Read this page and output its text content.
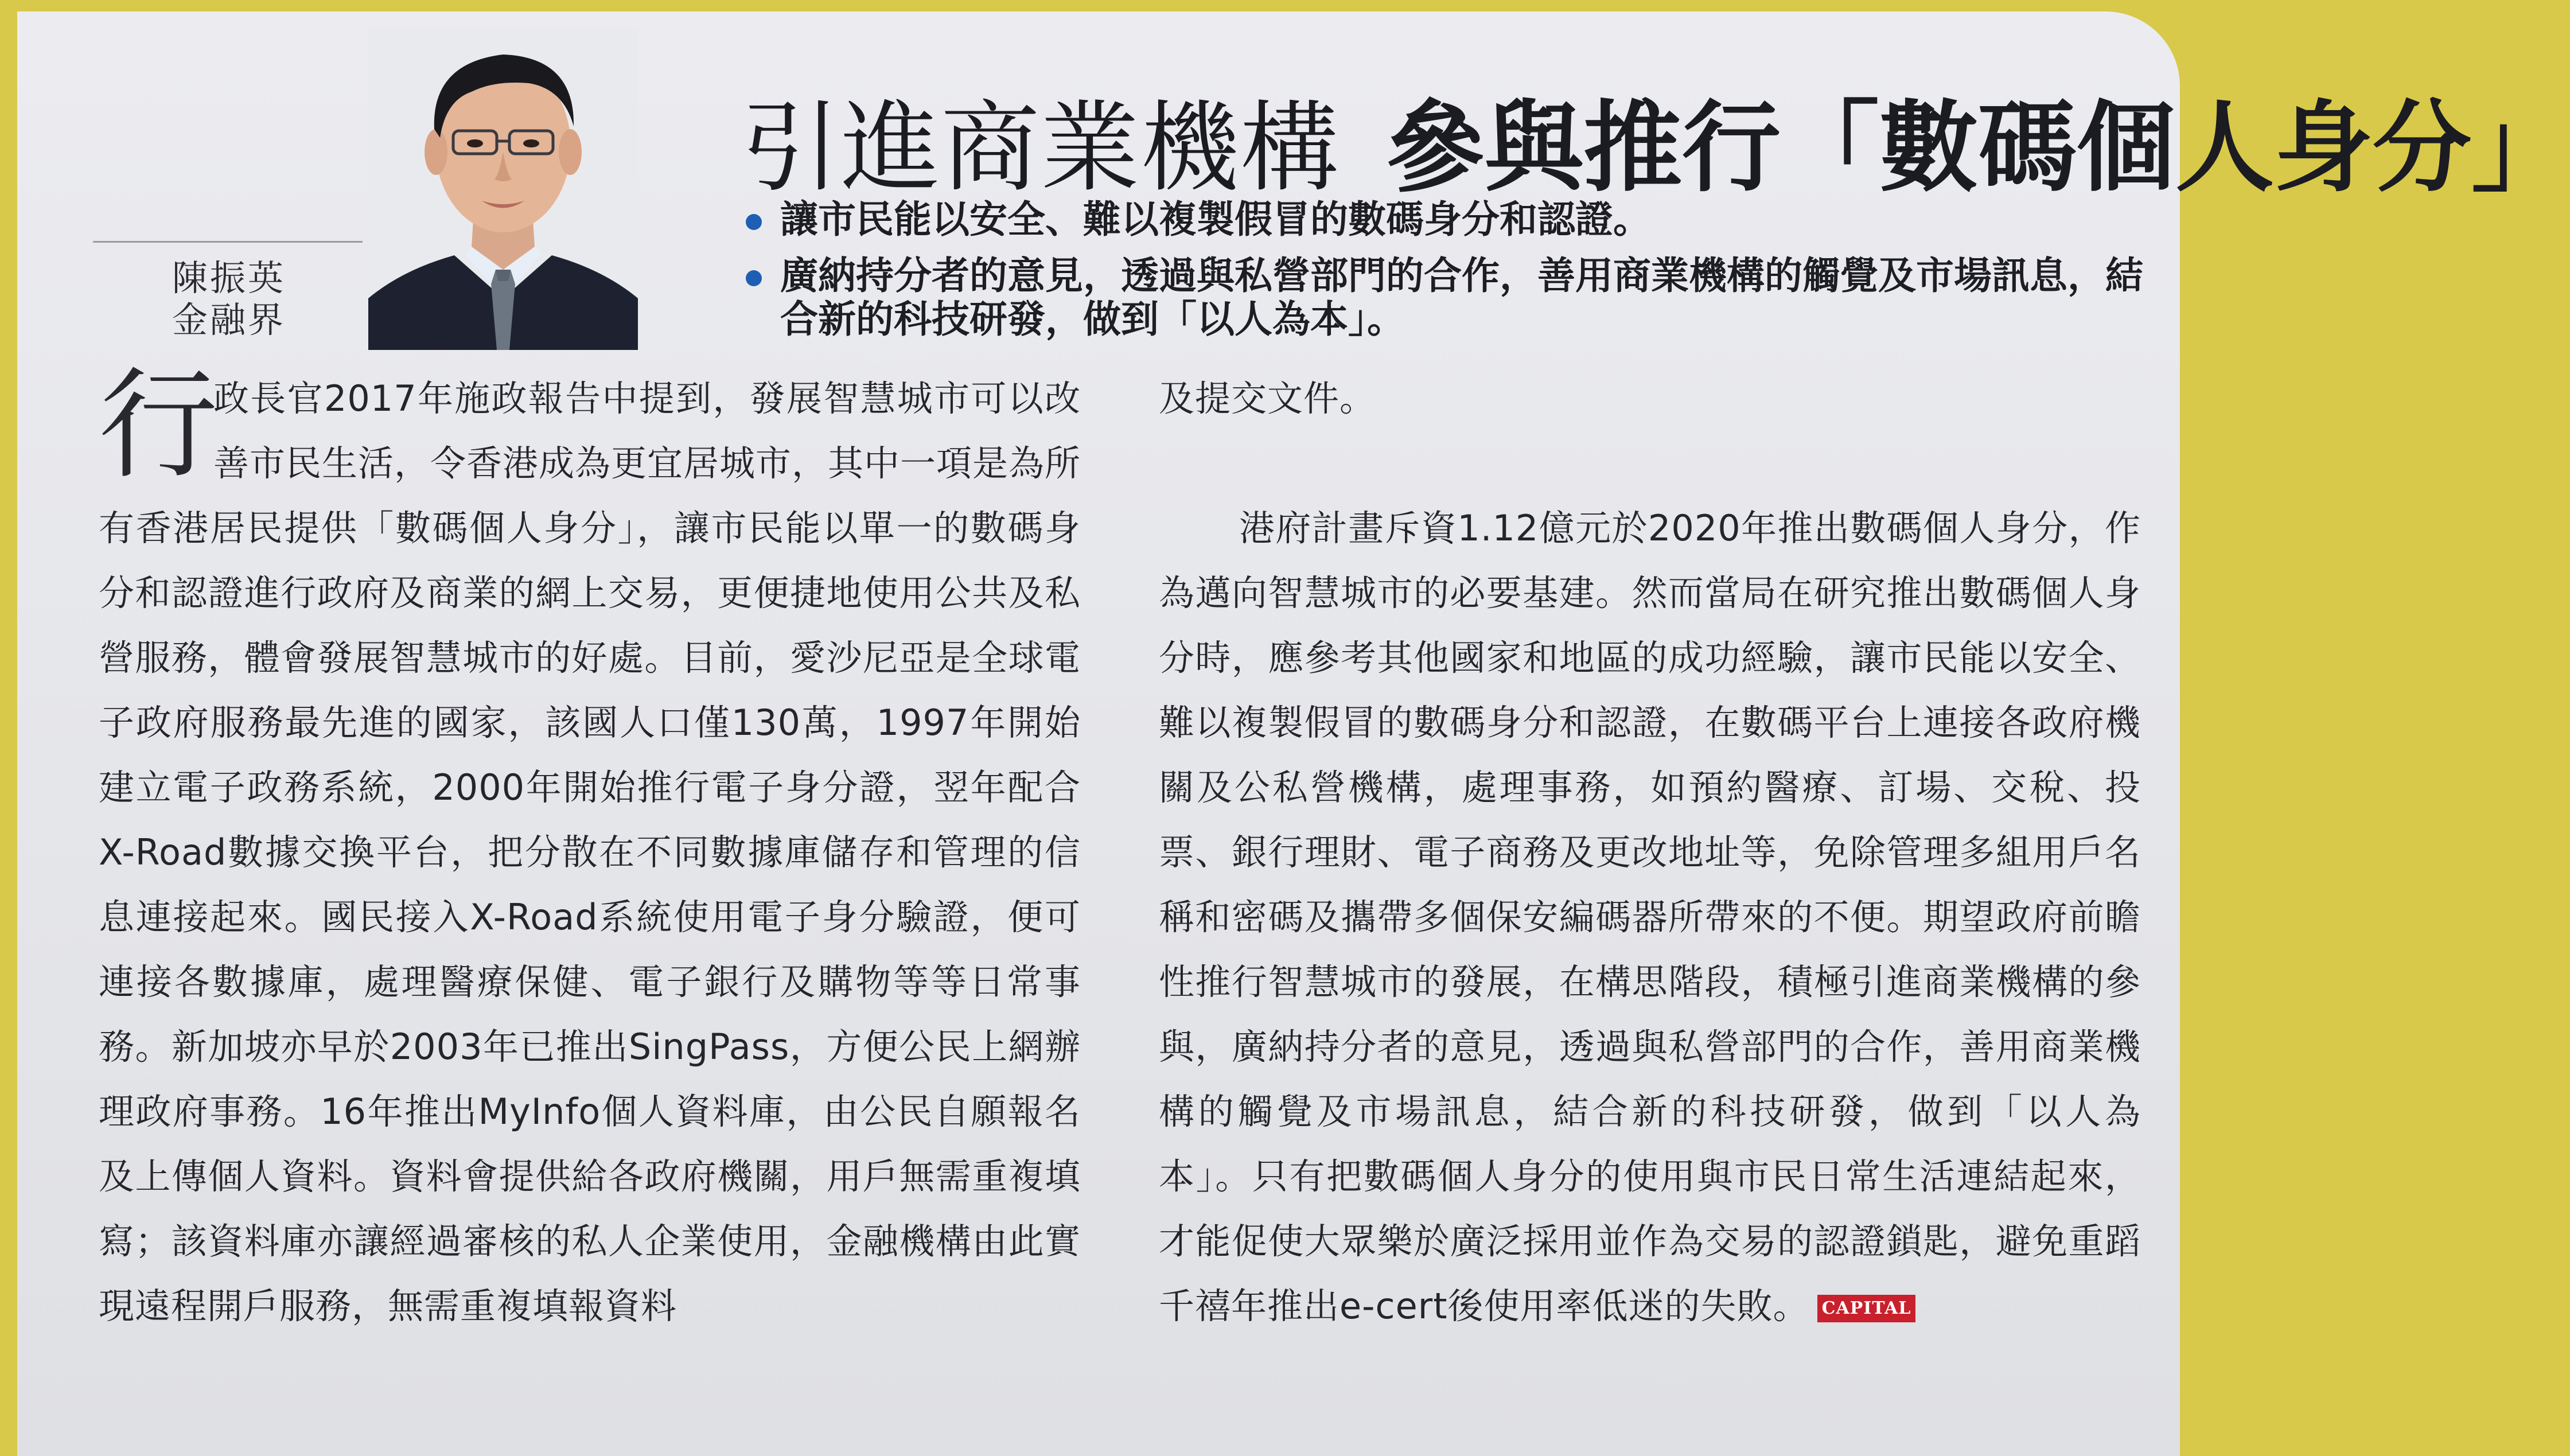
陳振英
金融界
引進商業機構 參與推行「數碼個人身分」
讓市民能以安全、難以複製假冒的數碼身分和認證。
廣納持分者的意見，透過與私營部門的合作，善用商業機構的觸覺及市場訊息，結合新的科技研發，做到「以人為本」。
行
政長官2017年施政報告中提到，發展智慧城市可以改善市民生活，令香港成為更宜居城市，其中一項是為所有香港居民提供「數碼個人身分」，讓市民能以單一的數碼身分和認證進行政府及商業的網上交易，更便捷地使用公共及私營服務，體會發展智慧城市的好處。目前，愛沙尼亞是全球電子政府服務最先進的國家，該國人口僅130萬，1997年開始建立電子政務系統，2000年開始推行電子身分證，翌年配合X-Road數據交換平台，把分散在不同數據庫儲存和管理的信息連接起來。國民接入X-Road系統使用電子身分驗證，便可連接各數據庫，處理醫療保健、電子銀行及購物等等日常事務。新加坡亦早於2003年已推出SingPass，方便公民上網辦理政府事務。16年推出MyInfo個人資料庫，由公民自願報名及上傳個人資料。資料會提供給各政府機關，用戶無需重複填寫；該資料庫亦讓經過審核的私人企業使用，金融機構由此實現遠程開戶服務，無需重複填報資料
及提交文件。
港府計畫斥資1.12億元於2020年推出數碼個人身分，作為邁向智慧城市的必要基建。然而當局在研究推出數碼個人身分時，應參考其他國家和地區的成功經驗，讓市民能以安全、難以複製假冒的數碼身分和認證，在數碼平台上連接各政府機關及公私營機構，處理事務，如預約醫療、訂場、交稅、投票、銀行理財、電子商務及更改地址等，免除管理多組用戶名稱和密碼及攜帶多個保安編碼器所帶來的不便。期望政府前瞻性推行智慧城市的發展，在構思階段，積極引進商業機構的參與，廣納持分者的意見，透過與私營部門的合作，善用商業機構的觸覺及市場訊息，結合新的科技研發，做到「以人為本」。只有把數碼個人身分的使用與市民日常生活連結起來，才能促使大眾樂於廣泛採用並作為交易的認證鎖匙，避免重蹈千禧年推出e-cert後使用率低迷的失敗。 CAPITAL
